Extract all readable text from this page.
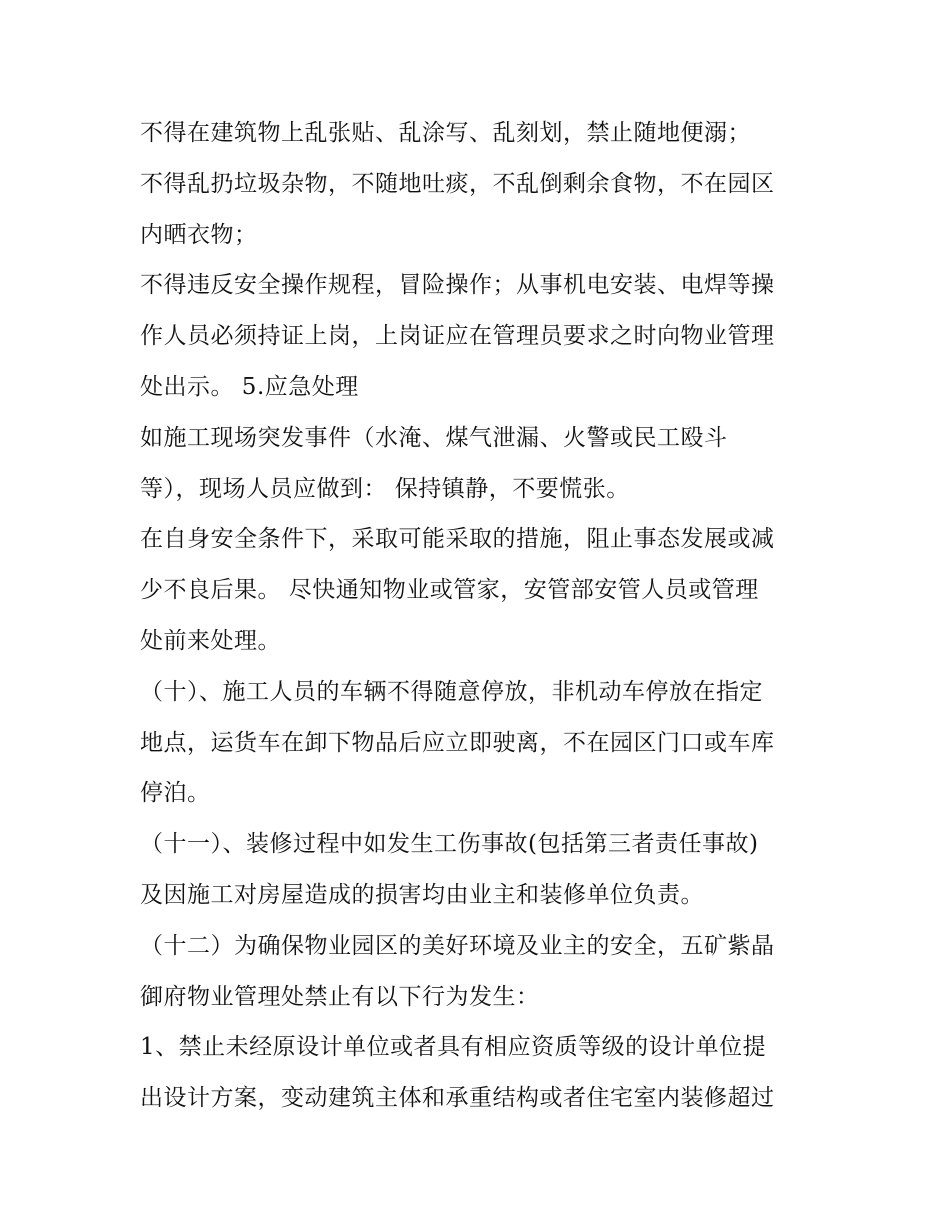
不得在建筑物上乱张贴、乱涂写、乱刻划，禁止随地便溺；
不得乱扔垃圾杂物，不随地吐痰，不乱倒剩余食物，不在园区
内晒衣物；
不得违反安全操作规程，冒险操作；从事机电安装、电焊等操
作人员必须持证上岗，上岗证应在管理员要求之时向物业管理
处出示。 5.应急处理
如施工现场突发事件（水淹、煤气泄漏、火警或民工殴斗
等），现场人员应做到： 保持镇静，不要慌张。
在自身安全条件下，采取可能采取的措施，阻止事态发展或减
少不良后果。 尽快通知物业或管家，安管部安管人员或管理
处前来处理。
（十）、施工人员的车辆不得随意停放，非机动车停放在指定
地点，运货车在卸下物品后应立即驶离，不在园区门口或车库
停泊。
（十一）、装修过程中如发生工伤事故(包括第三者责任事故)
及因施工对房屋造成的损害均由业主和装修单位负责。
（十二）为确保物业园区的美好环境及业主的安全，五矿紫晶
御府物业管理处禁止有以下行为发生：
1、禁止未经原设计单位或者具有相应资质等级的设计单位提
出设计方案，变动建筑主体和承重结构或者住宅室内装修超过
